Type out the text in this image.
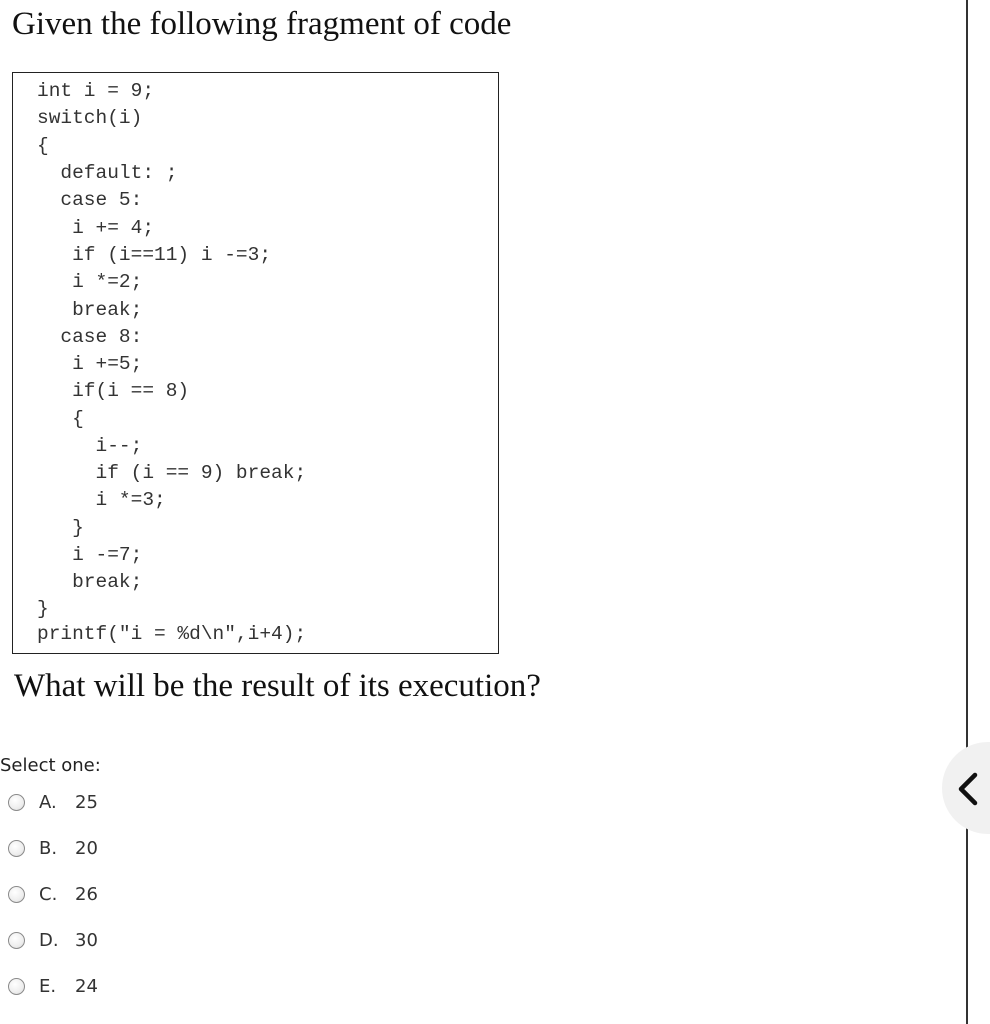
Given the following fragment of code
int i = 9;
switch(i)
{
default: ;
case 5:
i += 4;
if (i==11) i -=3;
i *=2;
break;
case 8:
i +=5;
if(i == 8)
{
i--;
if (i == 9) break;
i *=3;
}
i -=7;
break;
}
printf("i = %d\n",i+4);
What will be the result of its execution?
Select one:
A.	25
B. 20
C. 26
D. 30
E.	24
